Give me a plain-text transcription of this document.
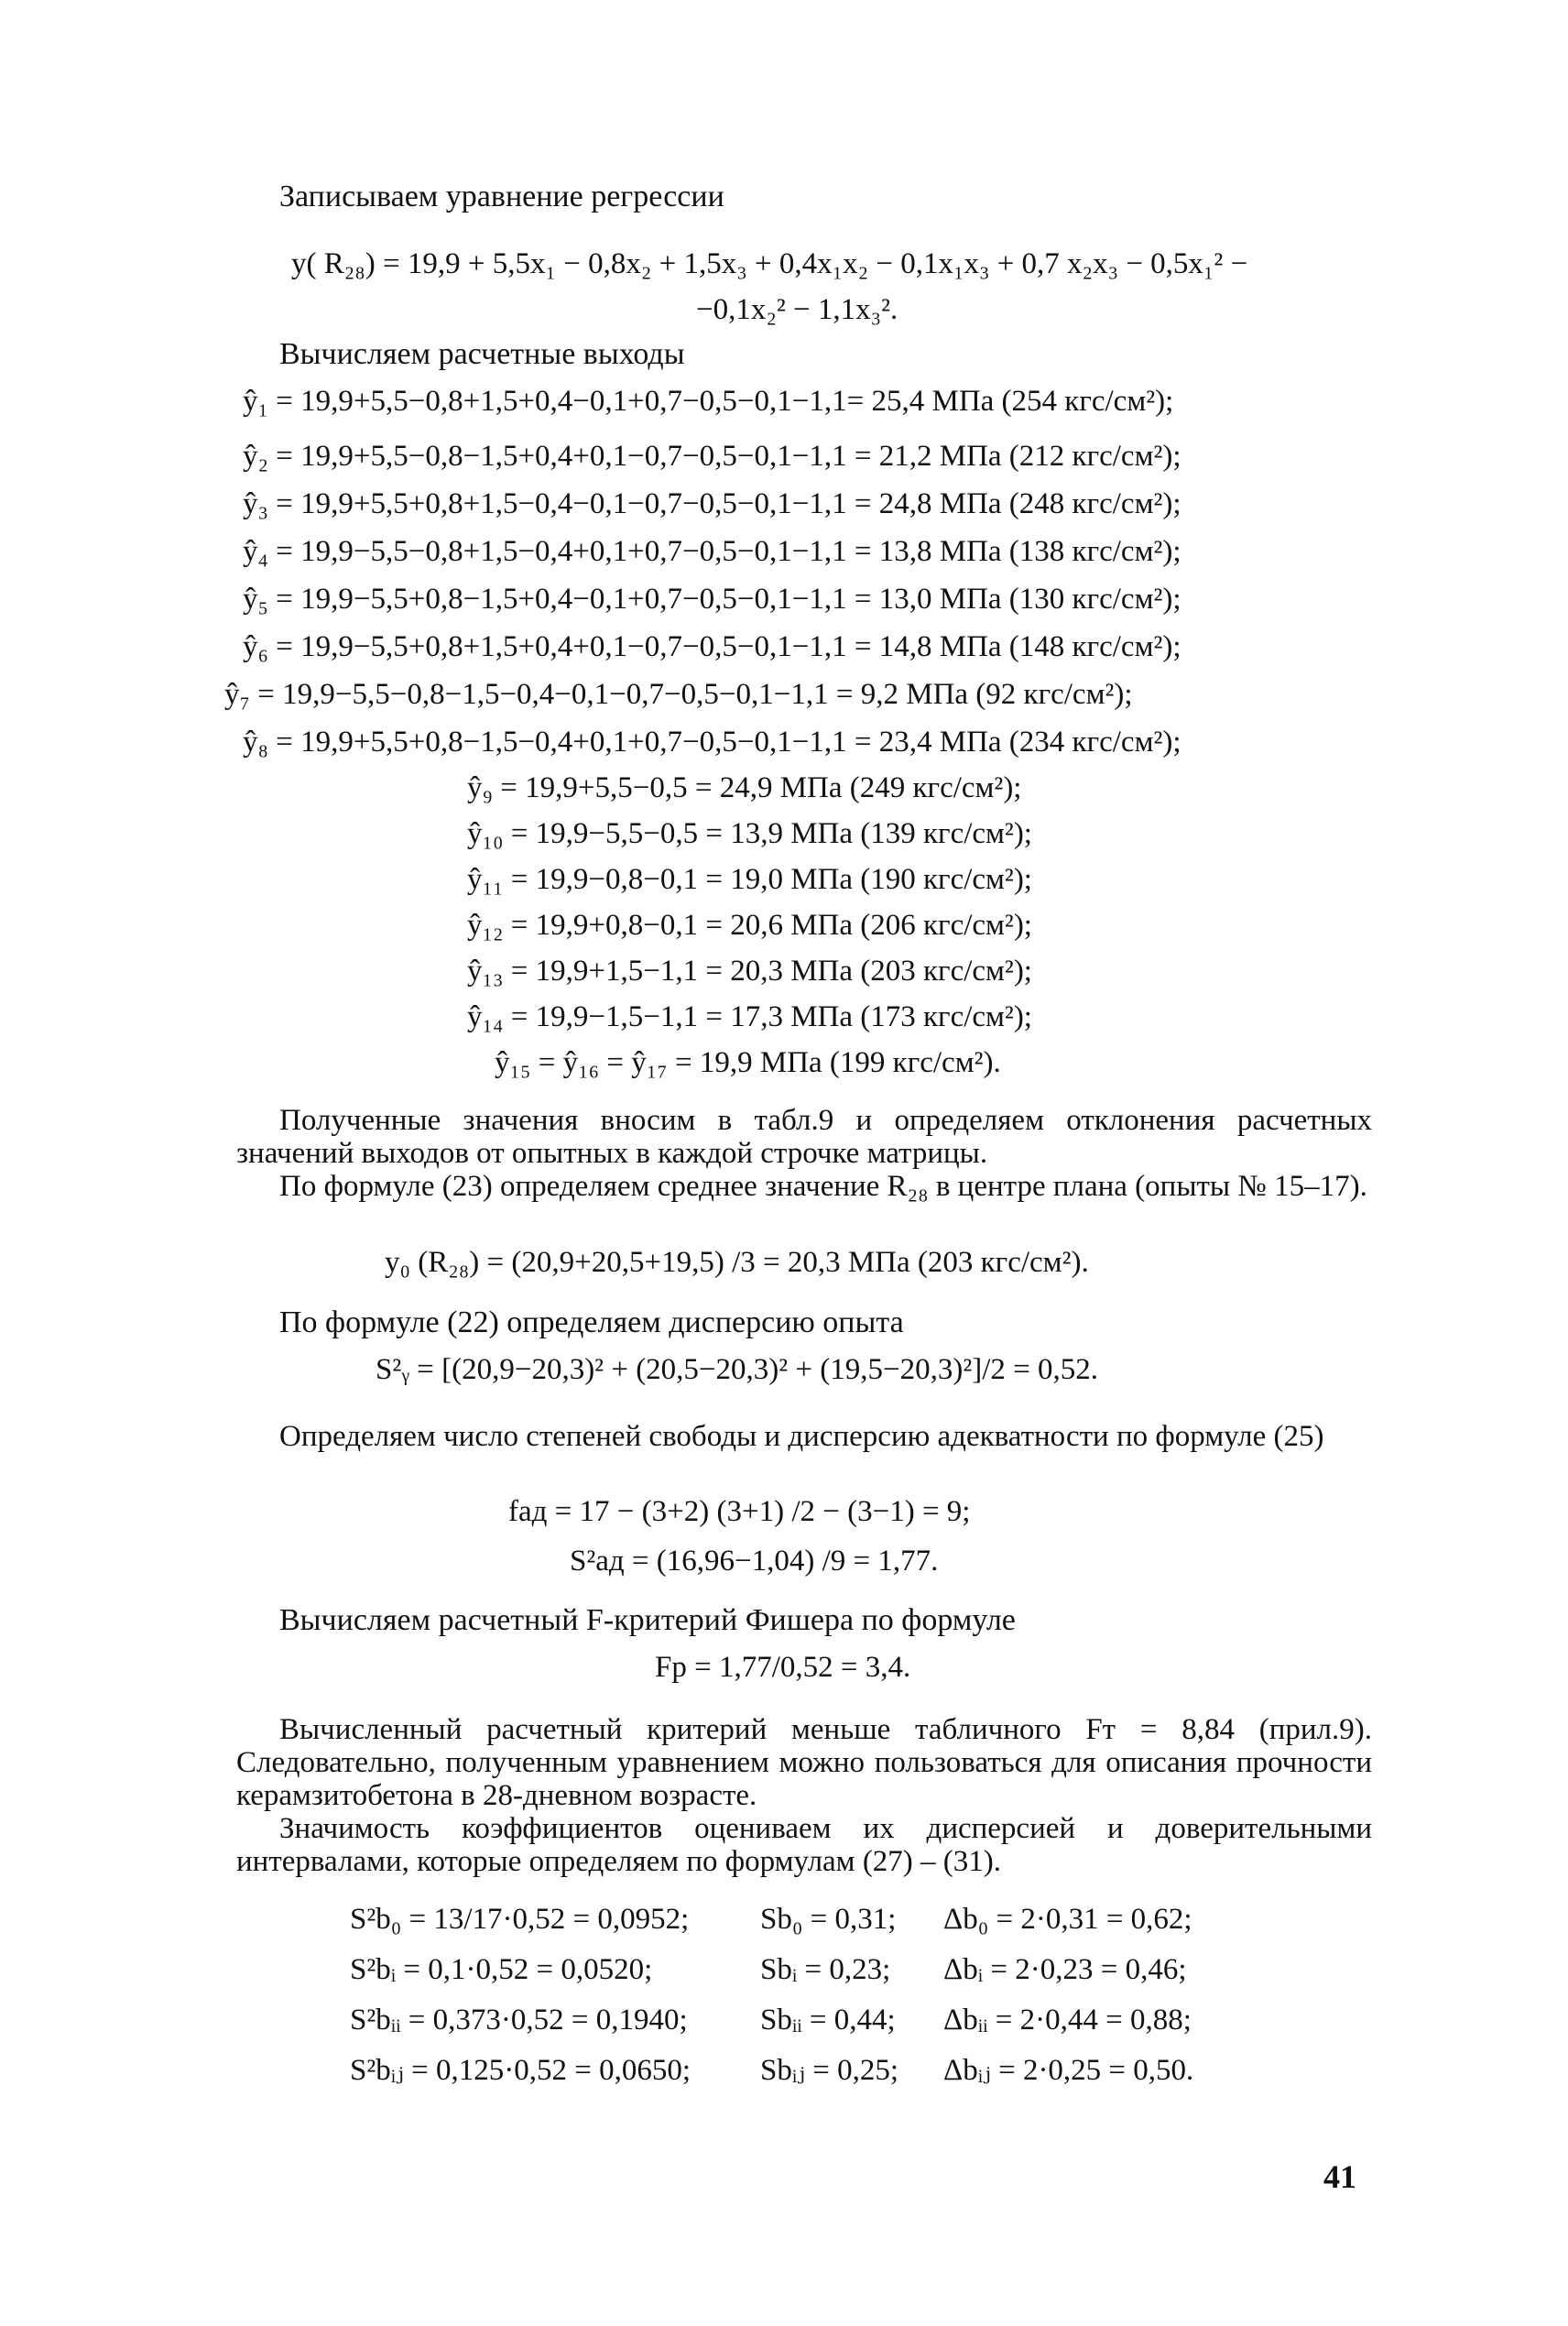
Записываем уравнение регрессии
y( R₂₈) = 19,9 + 5,5x₁ − 0,8x₂ + 1,5x₃ + 0,4x₁x₂ − 0,1x₁x₃ + 0,7 x₂x₃ − 0,5x₁² −
−0,1x₂² − 1,1x₃².
Вычисляем расчетные выходы
ŷ₁ = 19,9+5,5−0,8+1,5+0,4−0,1+0,7−0,5−0,1−1,1= 25,4 МПа (254 кгс/см²);
ŷ₂ = 19,9+5,5−0,8−1,5+0,4+0,1−0,7−0,5−0,1−1,1 = 21,2 МПа (212 кгс/см²);
ŷ₃ = 19,9+5,5+0,8+1,5−0,4−0,1−0,7−0,5−0,1−1,1 = 24,8 МПа (248 кгс/см²);
ŷ₄ = 19,9−5,5−0,8+1,5−0,4+0,1+0,7−0,5−0,1−1,1 = 13,8 МПа (138 кгс/см²);
ŷ₅ = 19,9−5,5+0,8−1,5+0,4−0,1+0,7−0,5−0,1−1,1 = 13,0 МПа (130 кгс/см²);
ŷ₆ = 19,9−5,5+0,8+1,5+0,4+0,1−0,7−0,5−0,1−1,1 = 14,8 МПа (148 кгс/см²);
ŷ₇ = 19,9−5,5−0,8−1,5−0,4−0,1−0,7−0,5−0,1−1,1 = 9,2 МПа (92 кгс/см²);
ŷ₈ = 19,9+5,5+0,8−1,5−0,4+0,1+0,7−0,5−0,1−1,1 = 23,4 МПа (234 кгс/см²);
ŷ₉ = 19,9+5,5−0,5 = 24,9 МПа (249 кгс/см²);
ŷ₁₀ = 19,9−5,5−0,5 = 13,9 МПа (139 кгс/см²);
ŷ₁₁ = 19,9−0,8−0,1 = 19,0 МПа (190 кгс/см²);
ŷ₁₂ = 19,9+0,8−0,1 = 20,6 МПа (206 кгс/см²);
ŷ₁₃ = 19,9+1,5−1,1 = 20,3 МПа (203 кгс/см²);
ŷ₁₄ = 19,9−1,5−1,1 = 17,3 МПа (173 кгс/см²);
ŷ₁₅ = ŷ₁₆ = ŷ₁₇ = 19,9 МПа (199 кгс/см²).
Полученные значения вносим в табл.9 и определяем отклонения расчетных значений выходов от опытных в каждой строчке матрицы.
По формуле (23) определяем среднее значение R₂₈ в центре плана (опыты № 15–17).
y₀ (R₂₈) = (20,9+20,5+19,5) /3 = 20,3 МПа (203 кгс/см²).
По формуле (22) определяем дисперсию опыта
S²ᵧ = [(20,9−20,3)² + (20,5−20,3)² + (19,5−20,3)²]/2 = 0,52.
Определяем число степеней свободы и дисперсию адекватности по формуле (25)
fад = 17 − (3+2) (3+1) /2 − (3−1) = 9;
S²ад = (16,96−1,04) /9 = 1,77.
Вычисляем расчетный F-критерий Фишера по формуле
Fр = 1,77/0,52 = 3,4.
Вычисленный расчетный критерий меньше табличного Fт = 8,84 (прил.9). Следовательно, полученным уравнением можно пользоваться для описания прочности керамзитобетона в 28-дневном возрасте.
Значимость коэффициентов оцениваем их дисперсией и доверительными интервалами, которые определяем по формулам (27) – (31).
S²b₀ = 13/17·0,52 = 0,0952; Sb₀ = 0,31; Δb₀ = 2·0,31 = 0,62;
S²bᵢ = 0,1·0,52 = 0,0520;	Sbᵢ = 0,23; Δbᵢ = 2·0,23 = 0,46;
S²bᵢᵢ = 0,373·0,52 = 0,1940; Sbᵢᵢ = 0,44; Δbᵢᵢ = 2·0,44 = 0,88;
S²bᵢⱼ = 0,125·0,52 = 0,0650; Sbᵢⱼ = 0,25; Δbᵢⱼ = 2·0,25 = 0,50.
41
